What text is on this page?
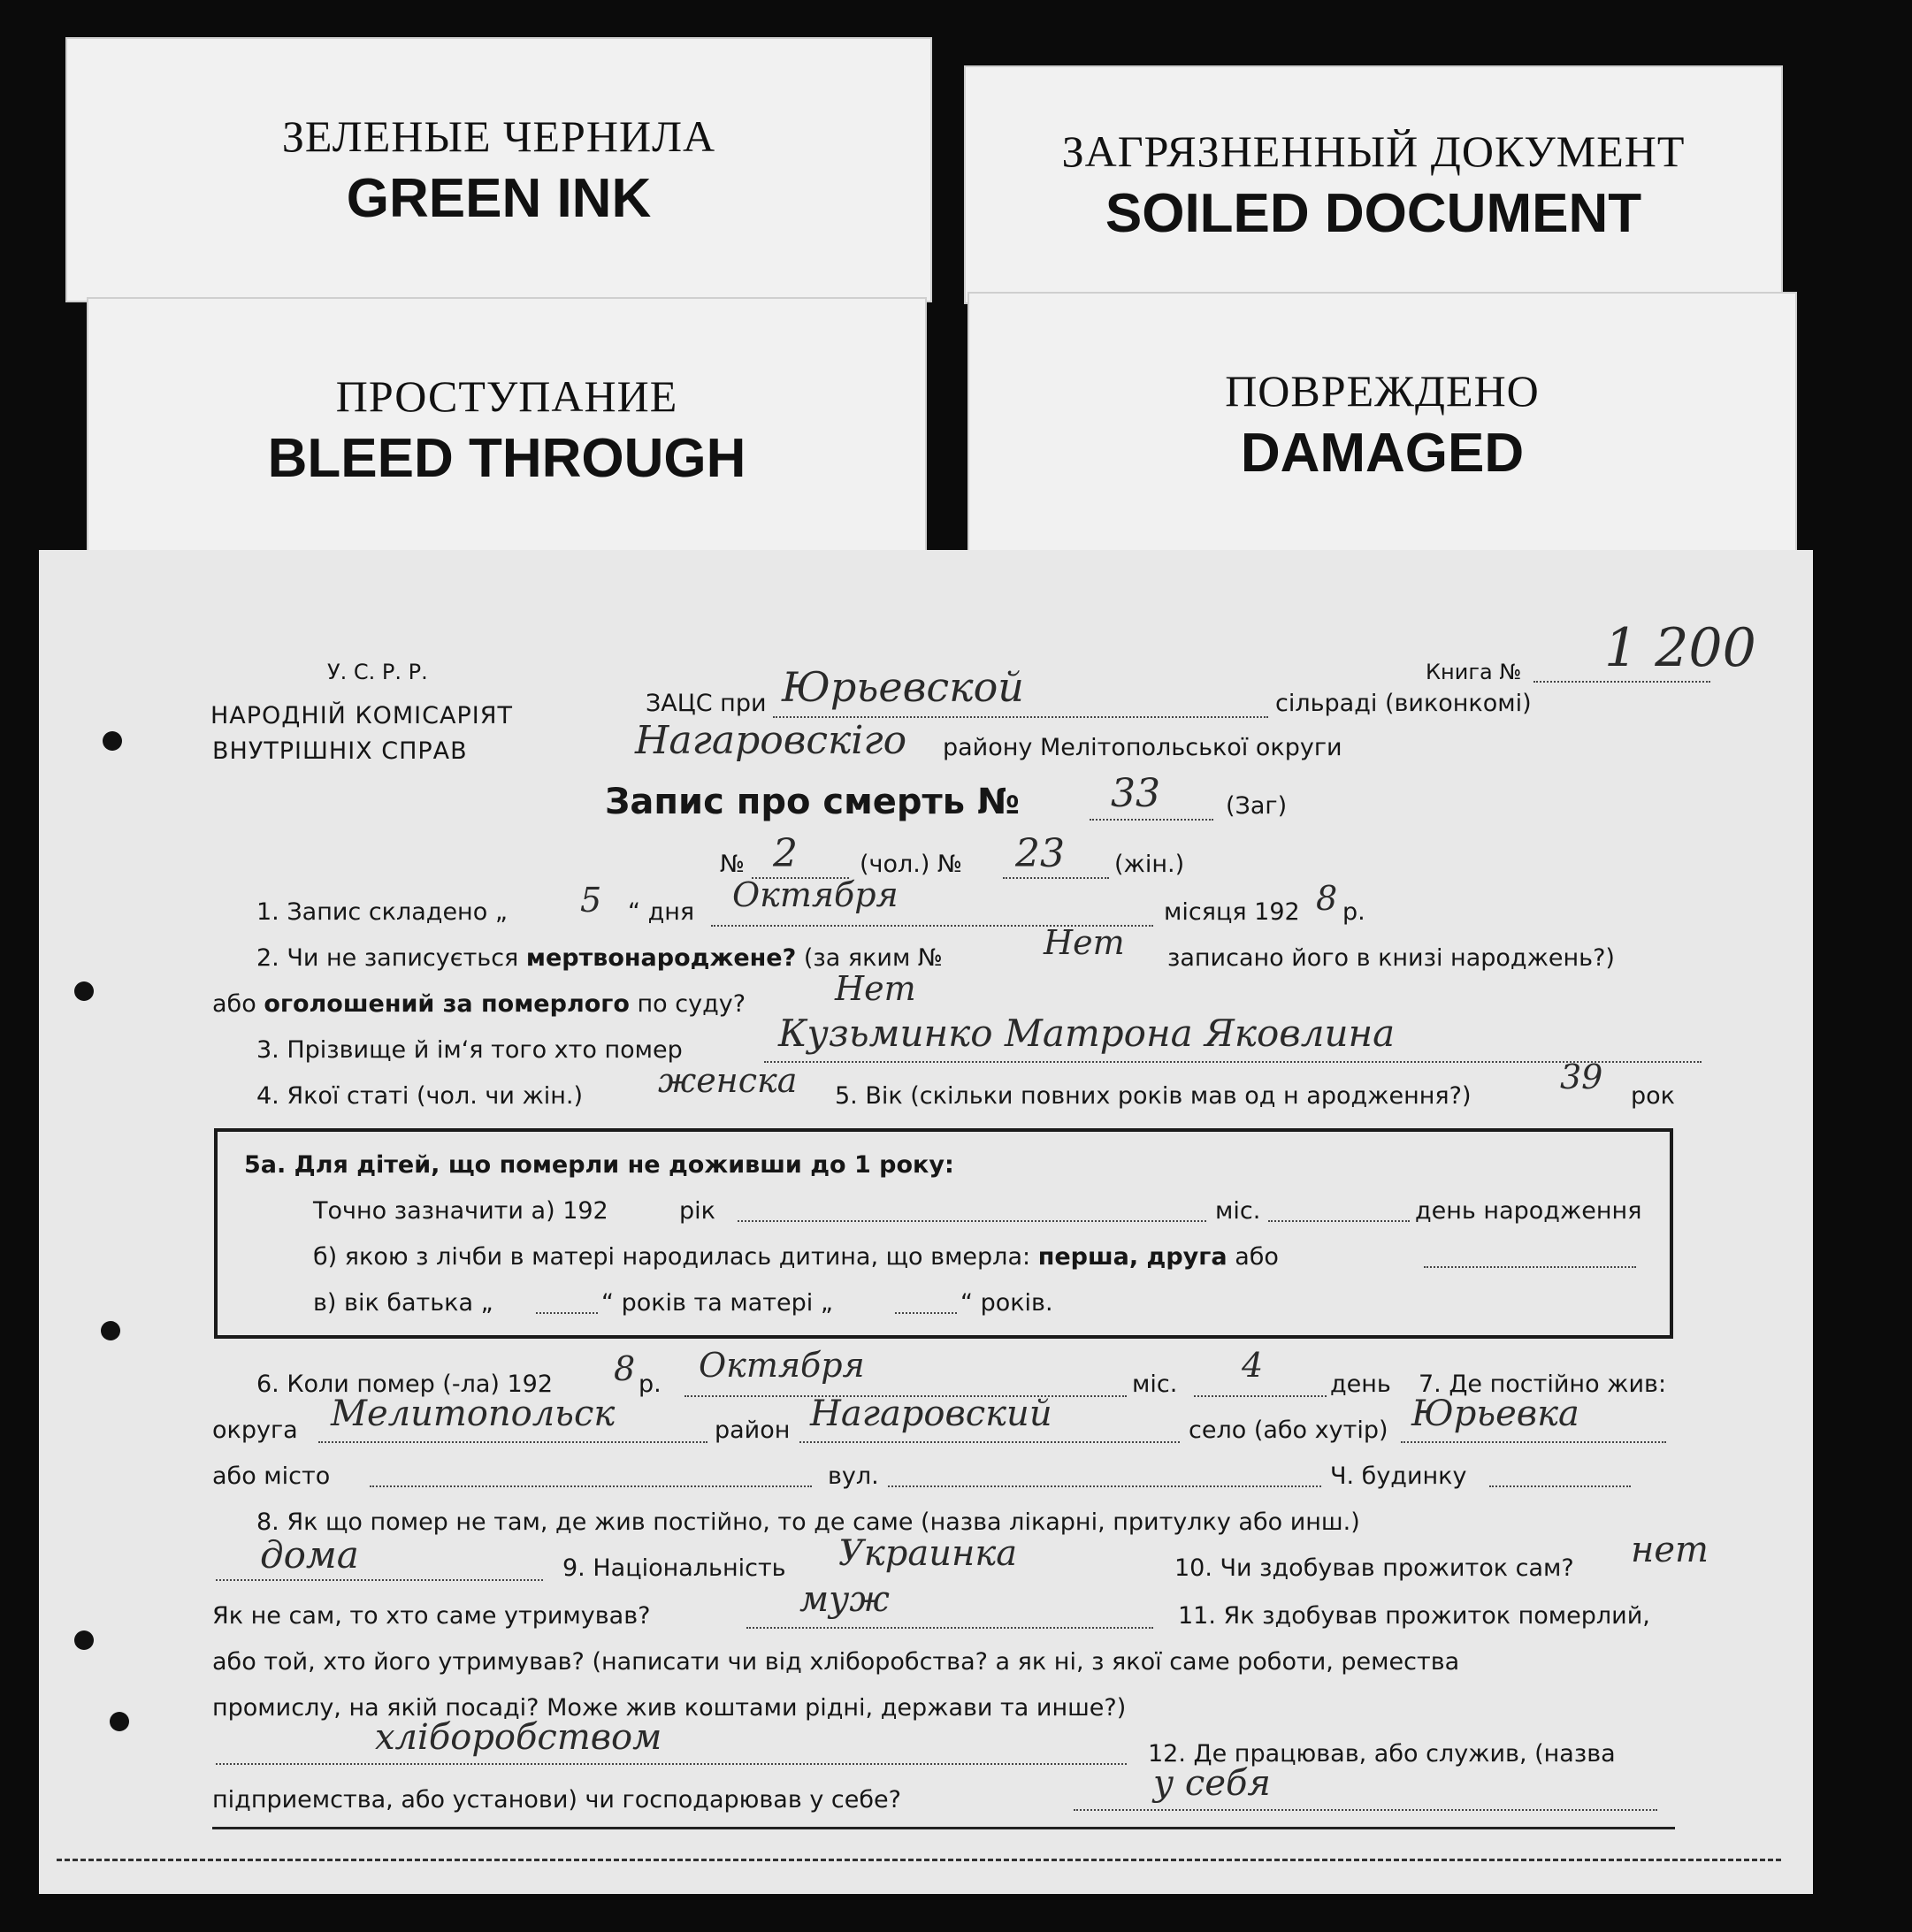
ЗЕЛЕНЫЕ ЧЕРНИЛА
GREEN INK
ЗАГРЯЗНЕННЫЙ ДОКУМЕНТ
SOILED DOCUMENT
ПРОСТУПАНИЕ
BLEED THROUGH
ПОВРЕЖДЕНО
DAMAGED
У. С. Р. Р.
НАРОДНІЙ КОМІСАРІЯТ
ВНУТРІШНІХ СПРАВ
ЗАЦС при Юрьевской	сільраді (виконкомі)
Нагаровскіго району Мелітопольської округи
Книга № 1 200
Запис про смерть № 33	(Заг)
№ 2	(чол.) № 23 (жін.)
1. Запис складено „ 5 “ дня Октября	місяця 192 8 р.
2. Чи не записується мертвонароджене? (за яким №	Нет записано його в книзі народжень?)
або оголошений за померлого по суду?	Нет
3. Прізвище й ім‘я того хто помер	Кузьминко Матрона Яковлина
4. Якої статі (чол. чи жін.) женска 5. Вік (скільки повних років мав од н ародження?)	39 рок
5а. Для дітей, що померли не доживши до 1 року:
Точно зазначити а) 192	рік	міс.	день народження
б) якою з лічби в матері народилась дитина, що вмерла: перша, друга або
в) вік батька „	“ років та матері „	“ років.
6. Коли помер (-ла) 192 8 р. Октября	міс. 4	день 7. Де постійно жив:
округа Мелитопольск	район Нагаровский	село (або хутір) Юрьевка
або місто	вул.	Ч. будинку
8. Як що помер не там, де жив постійно, то де саме (назва лікарні, притулку або инш.)
дома	9. Національність Украинка	10. Чи здобував прожиток сам? нет
Як не сам, то хто саме утримував?	муж	11. Як здобував прожиток померлий,
або той, хто його утримував? (написати чи від хліборобства? а як ні, з якої саме роботи, ремества
промислу, на якій посаді? Може жив коштами рідні, держави та инше?)
хлiборобством	12. Де працював, або служив, (назва
підприемства, або установи) чи господарював у себе?	у себя
